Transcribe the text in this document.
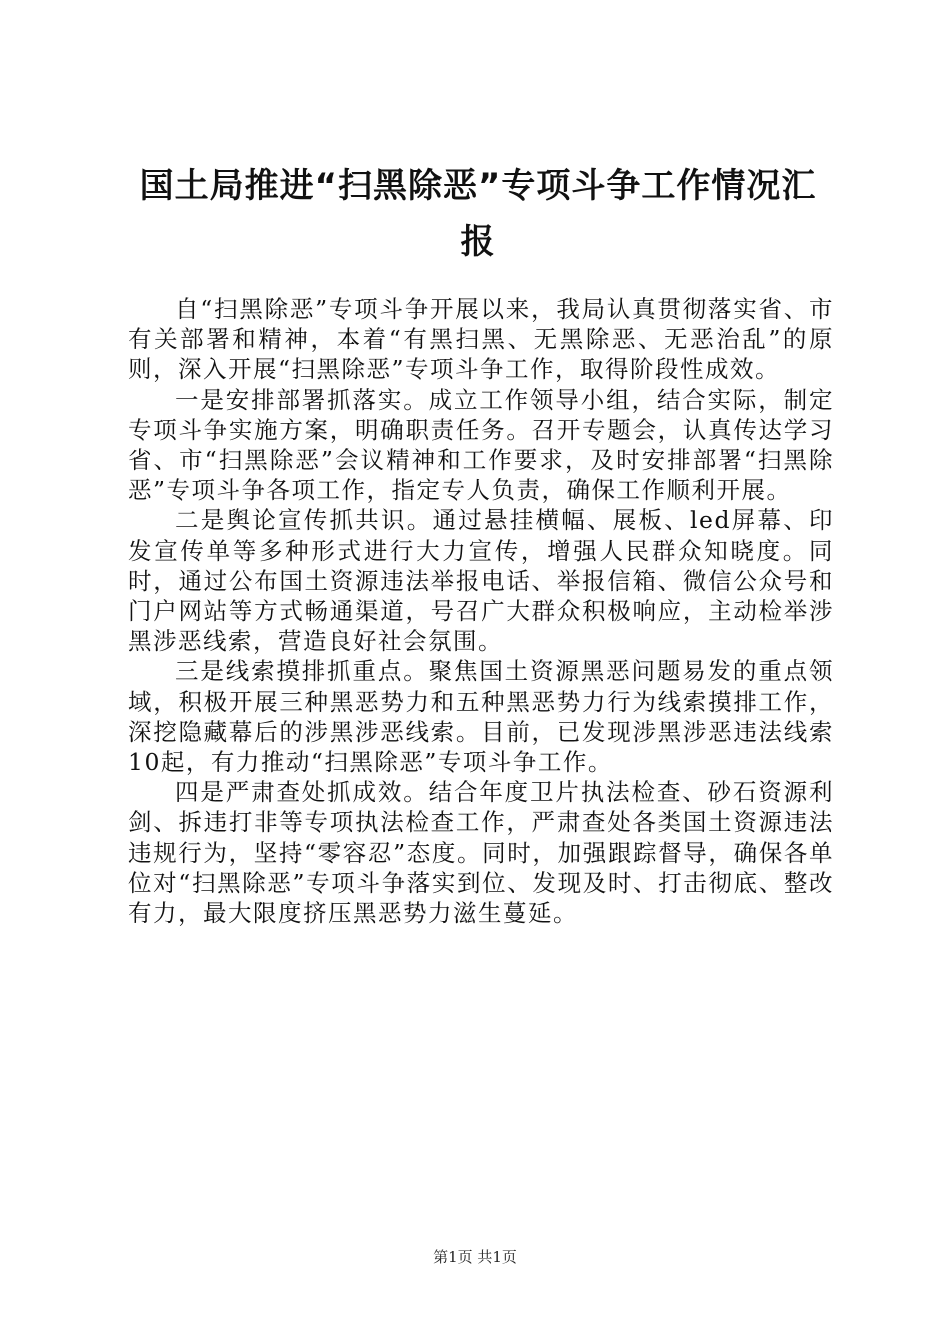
国土局推进“扫黑除恶”专项斗争工作情况汇报

自“扫黑除恶”专项斗争开展以来，我局认真贯彻落实省、市有关部署和精神，本着“有黑扫黑、无黑除恶、无恶治乱”的原则，深入开展“扫黑除恶”专项斗争工作，取得阶段性成效。

一是安排部署抓落实。成立工作领导小组，结合实际，制定专项斗争实施方案，明确职责任务。召开专题会，认真传达学习省、市“扫黑除恶”会议精神和工作要求，及时安排部署“扫黑除恶”专项斗争各项工作，指定专人负责，确保工作顺利开展。

二是舆论宣传抓共识。通过悬挂横幅、展板、led屏幕、印发宣传单等多种形式进行大力宣传，增强人民群众知晓度。同时，通过公布国土资源违法举报电话、举报信箱、微信公众号和门户网站等方式畅通渠道，号召广大群众积极响应，主动检举涉黑涉恶线索，营造良好社会氛围。

三是线索摸排抓重点。聚焦国土资源黑恶问题易发的重点领域，积极开展三种黑恶势力和五种黑恶势力行为线索摸排工作，深挖隐藏幕后的涉黑涉恶线索。目前，已发现涉黑涉恶违法线索10起，有力推动“扫黑除恶”专项斗争工作。

四是严肃查处抓成效。结合年度卫片执法检查、砂石资源利剑、拆违打非等专项执法检查工作，严肃查处各类国土资源违法违规行为，坚持“零容忍”态度。同时，加强跟踪督导，确保各单位对“扫黑除恶”专项斗争落实到位、发现及时、打击彻底、整改有力，最大限度挤压黑恶势力滋生蔓延。

第1页 共1页
